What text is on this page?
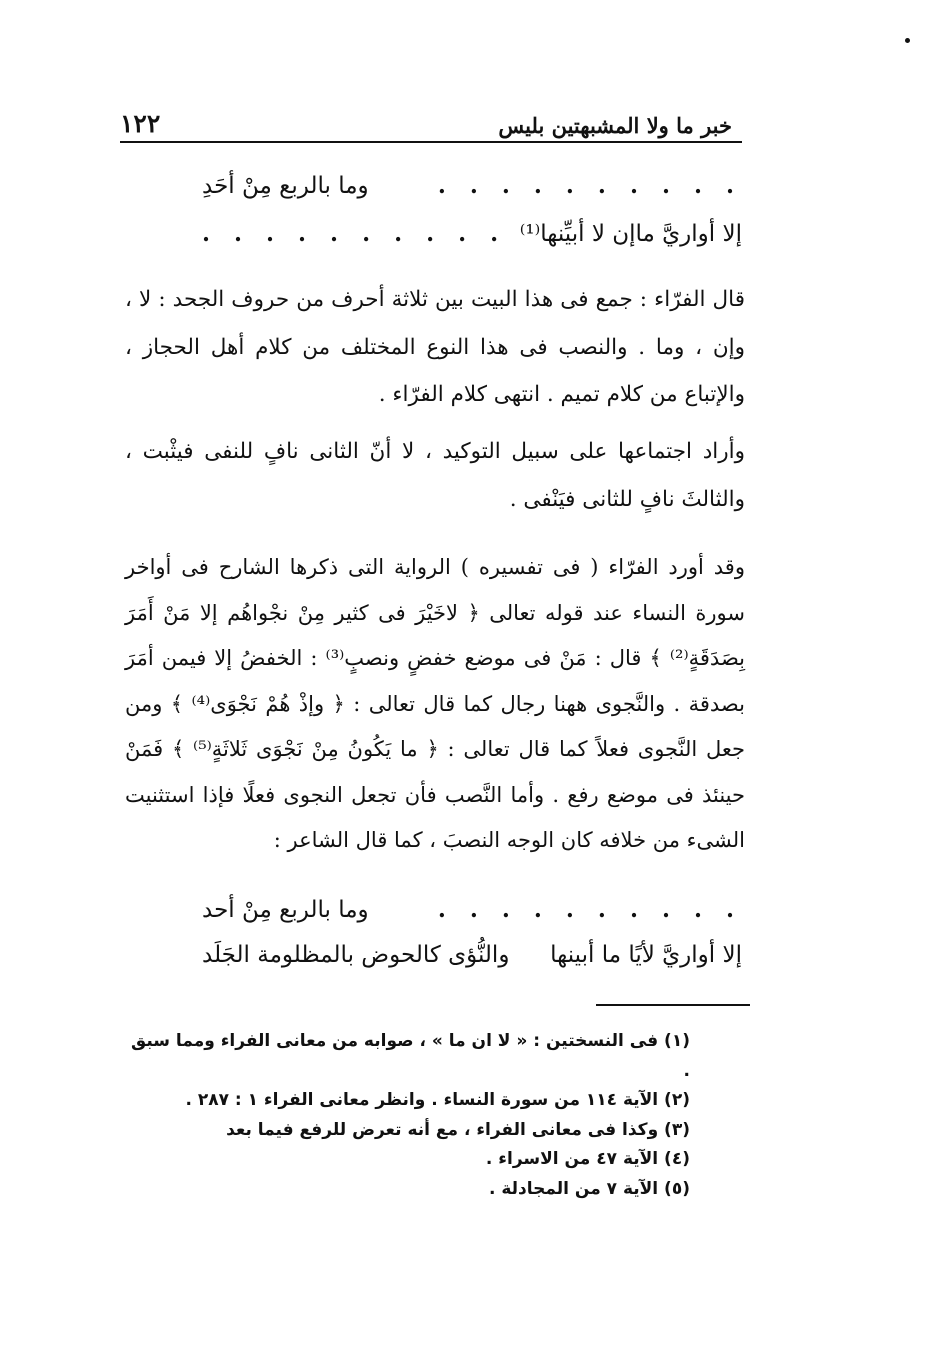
خبر ما ولا المشبهتين بليس
١٢٢
. . . . . . . . . .
وما بالربع مِنْ أحَدِ
إلا أواريَّ ماإن لا أبيِّنها⁽¹⁾
. . . . . . . . . .

قال الفرّاء : جمع فى هذا البيت بين ثلاثة أحرف من حروف الجحد : لا ، وإن ، وما . والنصب فى هذا النوع المختلف من كلام أهل الحجاز ، والإتباع من كلام تميم . انتهى كلام الفرّاء .

وأراد اجتماعها على سبيل التوكيد ، لا أنّ الثانى نافٍ للنفى فيثْبت ، والثالثَ نافٍ للثانى فيَنْفى .

وقد أورد الفرّاء ( فى تفسيره ) الرواية التى ذكرها الشارح فى أواخر سورة النساء عند قوله تعالى ﴿ لاخَيْرَ فى كثير مِنْ نجْواهُم إلا مَنْ أَمَرَ بِصَدَقَةٍ⁽²⁾ ﴾ قال : مَنْ فى موضع خفضٍ ونصبٍ⁽³⁾ : الخفضُ إلا فيمن أمَرَ بصدقة . والنَّجوى ههنا رجال كما قال تعالى : ﴿ وإذْ هُمْ نَجْوَى⁽⁴⁾ ﴾ ومن جعل النَّجوى فعلاً كما قال تعالى : ﴿ ما يَكُونُ مِنْ نَجْوَى ثَلاثَةٍ⁽⁵⁾ ﴾ فَمَنْ حينئذ فى موضع رفع . وأما النَّصب فأن تجعل النجوى فعلًا فإذا استثنيت الشىء من خلافه كان الوجه النصبَ ، كما قال الشاعر :

. . . . . . . . . .
وما بالربع مِنْ أحد
إلا أواريَّ لأيًا ما أبينها
والنُّؤى كالحوض بالمظلومة الجَلَد
(١) فى النسختين : « لا ان ما » ، صوابه من معانى الفراء ومما سبق .
(٢) الآية ١١٤ من سورة النساء . وانظر معانى الفراء ١ : ٢٨٧ .
(٣) وكذا فى معانى الفراء ، مع أنه تعرض للرفع فيما بعد
(٤) الآية ٤٧ من الاسراء .
(٥) الآية ٧ من المجادلة .
